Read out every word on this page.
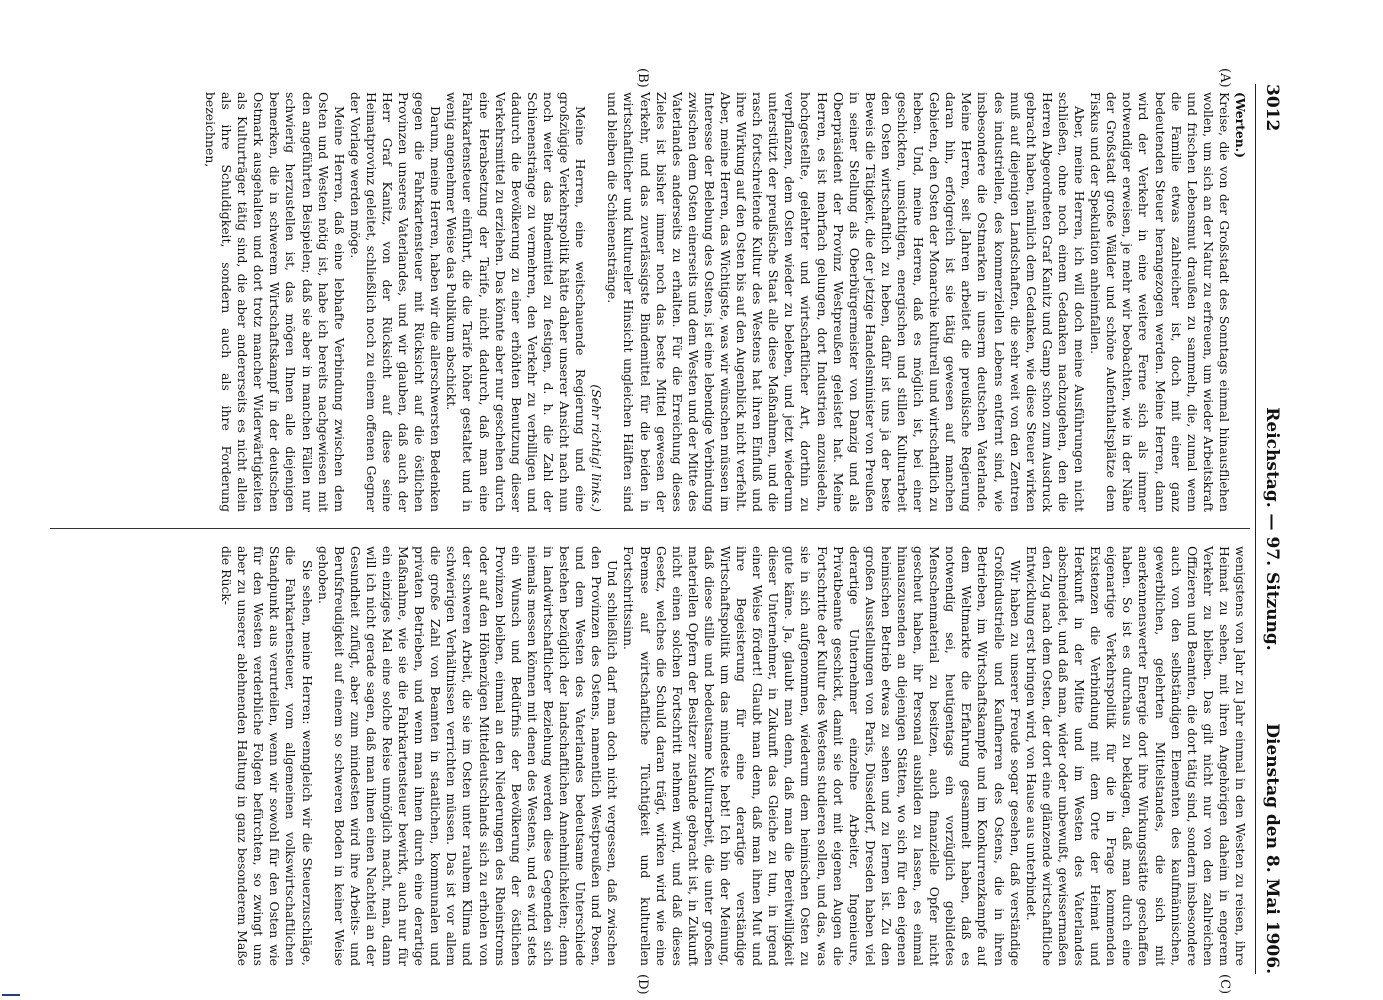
3012
Reichstag. — 97. Sitzung.
Dienstag den 8. Mai 1906.
(A)
(B)
(C)
(D)

(Werten.)

Kreise, die von der Großstadt des Sonntags einmal hinausfliehen wollen, um sich an der Natur zu erfreuen, um wieder Arbeitskraft und frischen Lebensmut draußen zu sammeln, die, zumal wenn die Familie etwas zahlreicher ist, doch mit einer ganz bedeutenden Steuer herangezogen werden. Meine Herren, dann wird der Verkehr in eine weitere Ferne sich als immer notwendiger erweisen, je mehr wir beobachten, wie in der Nähe der Großstadt große Wälder und schöne Aufenthaltsplätze dem Fiskus und der Spekulation anheimfallen.

Aber, meine Herren, ich will doch meine Ausführungen nicht schließen, ohne noch einem Gedanken nachzugehen, den die Herren Abgeordneten Graf Kanitz und Gamp schon zum Ausdruck gebracht haben, nämlich dem Gedanken, wie diese Steuer wirken muß auf diejenigen Landschaften, die sehr weit von den Zentren des industriellen, des kommerziellen Lebens entfernt sind, wie insbesondere die Ostmarken in unserm deutschen Vaterlande. Meine Herren, seit Jahren arbeitet die preußische Regierung daran hin, erfolgreich ist sie tätig gewesen auf manchen Gebieten, den Osten der Monarchie kulturell und wirtschaftlich zu heben. Und, meine Herren, daß es möglich ist, bei einer geschickten, umsichtigen, energischen und stillen Kulturarbeit den Osten wirtschaftlich zu heben, dafür ist uns ja der beste Beweis die Tätigkeit, die der jetzige Handelsminister von Preußen in seiner Stellung als Oberbürgermeister von Danzig und als Oberpräsident der Provinz Westpreußen geleistet hat. Meine Herren, es ist mehrfach gelungen, dort Industrien anzusiedeln, hochgestellte, gelehrter und wirtschaftlicher Art, dorthin zu verpflanzen, dem Osten wieder zu beleben, und jetzt wiederum unterstützt der preußische Staat alle diese Maßnahmen, und die rasch fortschreitende Kultur des Westens hat ihren Einfluß und ihre Wirkung auf den Osten bis auf den Augenblick nicht verfehlt. Aber, meine Herren, das Wichtigste, was wir wünschen müssen im Interesse der Belebung des Ostens, ist eine lebendige Verbindung zwischen dem Osten einerseits und dem Westen und der Mitte des Vaterlandes anderseits zu erhalten. Für die Erreichung dieses Zieles ist bisher immer noch das beste Mittel gewesen der Verkehr, und das zuverlässigste Bindemittel für die beiden in wirtschaftlicher und kultureller Hinsicht ungleichen Hälften sind und bleiben die Schienenstränge.

(Sehr richtig! links.)

Meine Herren, eine weitschauende Regierung und eine großzügige Verkehrspolitik hätte daher unserer Ansicht nach nun noch weiter das Bindemittel zu festigen, d. h. die Zahl der Schienenstränge zu vermehren, den Verkehr zu verbilligen und dadurch die Bevölkerung zu einer erhöhten Benutzung dieser Verkehrsmittel zu erziehen. Das könnte aber nur geschehen durch eine Herabsetzung der Tarife, nicht dadurch, daß man eine Fahrkartensteuer einführt, die die Tarife höher gestaltet und in wenig angenehmer Weise das Publikum abschickt.

Darum, meine Herren, haben wir die allerschwersten Bedenken gegen die Fahrkartensteuer mit Rücksicht auf die östlichen Provinzen unseres Vaterlandes, und wir glauben, daß auch der Herr Graf Kanitz, von der Rücksicht auf diese seine Heimatprovinz geleitet, schließlich noch zu einem offenen Gegner der Vorlage werden möge.

Meine Herren, daß eine lebhafte Verbindung zwischen dem Osten und Westen nötig ist, habe ich bereits nachgewiesen mit den angeführten Beispielen; daß sie aber in manchen Fällen nur schwierig herzustellen ist, das mögen Ihnen alle diejenigen bemerken, die in schwerem Wirtschaftskampf in der deutschen Ostmark ausgehalten und dort trotz mancher Widerwärtigkeiten als Kulturträger tätig sind, die aber andererseits es nicht allein als ihre Schuldigkeit, sondern auch als ihre Forderung bezeichnen,

wenigstens von Jahr zu Jahr einmal in den Westen zu reisen, ihre Heimat zu sehen, mit ihren Angehörigen daheim in engerem Verkehr zu bleiben. Das gilt nicht nur von den zahlreichen Offizieren und Beamten, die dort tätig sind, sondern insbesondere auch von den selbständigen Elementen des kaufmännischen, gewerblichen, gelehrten Mittelstandes, die sich mit anerkennenswerter Energie dort ihre Wirkungsstätte geschaffen haben. So ist es durchaus zu beklagen, daß man durch eine eigenartige Verkehrspolitik für die in Frage kommenden Existenzen die Verbindung mit dem Orte der Heimat und Herkunft in der Mitte und im Westen des Vaterlandes abschneidet, und daß man, wider oder unbewußt, gewissermaßen den Zug nach dem Osten, der dort eine glänzende wirtschaftliche Entwicklung erst bringen wird, von Hause aus unterbindet.

Wir haben zu unserer Freude sogar gesehen, daß verständige Großindustrielle und Kaufherren des Ostens, die in ihren Betrieben, im Wirtschaftskampfe und im Konkurrenzkampfe auf dem Weltmarkte die Erfahrung gesammelt haben, daß es notwendig sei, heutigentags ein vorzüglich gebildetes Menschenmaterial zu besitzen, auch finanzielle Opfer nicht gescheut haben, ihr Personal ausbilden zu lassen, es einmal hinauszusenden an diejenigen Stätten, wo sich für den eigenen heimischen Betrieb etwas zu sehen und zu lernen ist. Zu den großen Ausstellungen von Paris, Düsseldorf, Dresden haben viel derartige Unternehmer einzelne Arbeiter, Ingenieure, Privatbeamte geschickt, damit sie dort mit eigenen Augen die Fortschritte der Kultur des Westens studieren sollen, und das, was sie in sich aufgenommen, wiederum dem heimischen Osten zu gute käme. Ja, glaubt man denn, daß man die Bereitwilligkeit dieser Unternehmer, in Zukunft das Gleiche zu tun, in irgend einer Weise fördert! Glaubt man denn, daß man ihnen Mut und ihre Begeisterung für eine derartige verständige Wirtschaftspolitik um das mindeste hebt! Ich bin der Meinung, daß diese stille und bedeutsame Kulturarbeit, die unter großen materiellen Opfern der Besitzer zustande gebracht ist, in Zukunft nicht einen solchen Fortschritt nehmen wird, und daß dieses Gesetz, welches die Schuld daran trägt, wirken wird wie eine Bremse auf wirtschaftliche Tüchtigkeit und kulturellen Fortschrittssinn.

Und schließlich darf man doch nicht vergessen, daß zwischen den Provinzen des Ostens, namentlich Westpreußen und Posen, und dem Westen des Vaterlandes bedeutsame Unterschiede bestehen bezüglich der landschaftlichen Annehmlichkeiten; denn in landwirtschaftlicher Beziehung werden diese Gegenden sich niemals messen können mit denen des Westens, und es wird stets ein Wunsch und Bedürfnis der Bevölkerung der östlichen Provinzen bleiben, einmal an den Niederungen des Rheinstroms oder auf den Höhenzügen Mitteldeutschlands sich zu erholen von der schweren Arbeit, die sie im Osten unter rauhem Klima und schwierigen Verhältnissen verrichten müssen. Das ist vor allem die große Zahl von Beamten in staatlichen, kommunalen und privaten Betrieben, und wenn man ihnen durch eine derartige Maßnahme, wie sie die Fahrkartensteuer bewirkt, auch nur für ein einziges Mal eine solche Reise unmöglich macht, man, dann will ich nicht gerade sagen, daß man ihnen einen Nachteil an der Gesundheit zufügt, aber zum mindesten wird ihre Arbeits- und Berufsfreudigkeit auf einem so schweren Boden in keiner Weise gehoben.

Sie sehen, meine Herren: wenngleich wir die Steuerzuschläge, die Fahrkartensteuer, vom allgemeinen volkswirtschaftlichen Standpunkt aus verurteilen, wenn wir sowohl für den Osten wie für den Westen verderbliche Folgen befürchten, so zwingt uns aber zu unserer ablehnenden Haltung in ganz besonderem Maße die Rück-
